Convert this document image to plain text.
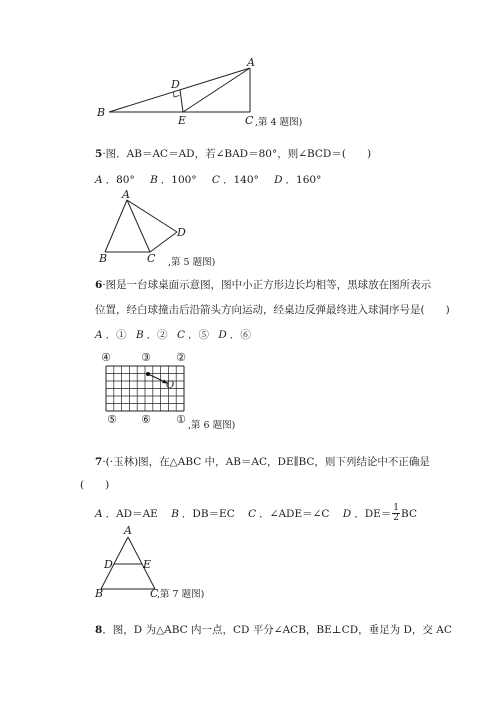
A
B
C
D
E	,第 4 题图)
5·图．AB＝AC＝AD，若∠BAD＝80°，则∠BCD＝(　　)
A ．80° B ．100° C ．140° D ．160°
A
B	C
D
,第 5 题图)
6·图是一台球桌面示意图，图中小正方形边长均相等，黑球放在图所表示
位置，经白球撞击后沿箭头方向运动，经桌边反弹最终进入球洞序号是(　　)
A ．① B ．② C ．⑤ D ．⑥
O
④	③ ②
⑤ ⑥ ① ,第 6 题图)
7·(·玉林)图，在△ABC 中，AB＝AC，DE∥BC，则下列结论中不正确是
(　　)
A ．AD＝AE B ．DB＝EC C ．∠ADE＝∠C D ．$DE= \frac{1}{2}$ BC
A
B	C
D	E
,第 7 题图)
8．图，D 为△ABC 内一点，CD 平分∠ACB，BE⊥CD，垂足为 D，交 AC
